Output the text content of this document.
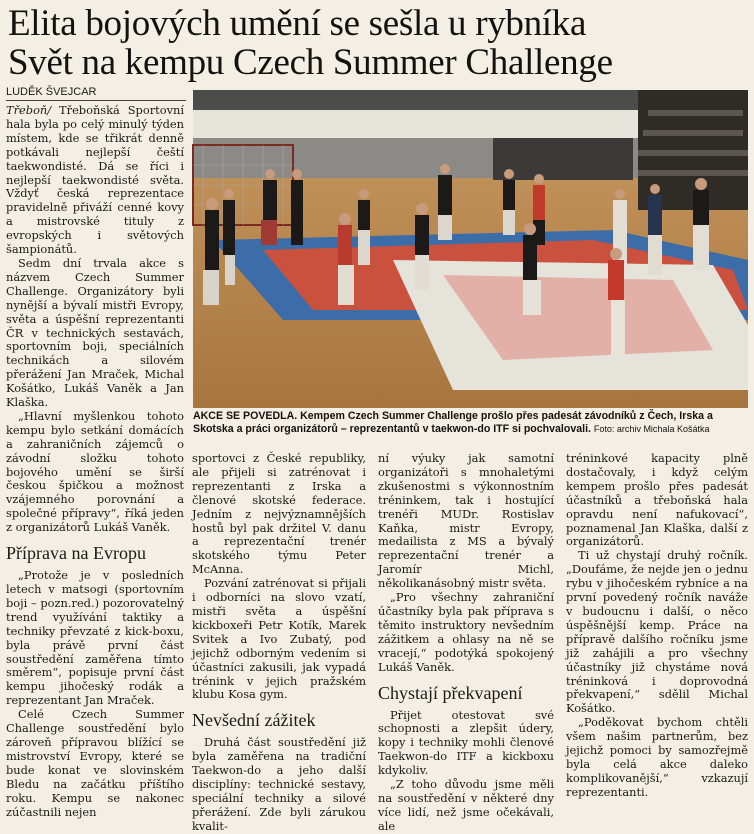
Elita bojových umění se sešla u rybníka
Svět na kempu Czech Summer Challenge
LUDĚK ŠVEJCAR

Třeboň/ Třeboňská Sportovní hala byla po celý minulý týden místem, kde se třikrát denně potkávali nejlepší čeští taekwondisté. Dá se říci i nejlepší taekwondisté světa. Vždyť česká reprezentace pravidelně přiváží cenné kovy a mistrovské tituly z evropských i světových šampionátů.

Sedm dní trvala akce s názvem Czech Summer Challenge. Organizátory byli nynější a bývalí mistři Evropy, světa a úspěšní reprezentanti ČR v technických sestavách, sportovním boji, speciálních technikách a silovém přerážení Jan Mraček, Michal Košátko, Lukáš Vaněk a Jan Klaška.

„Hlavní myšlenkou tohoto kempu bylo setkání domácích a zahraničních zájemců o závodní složku tohoto bojového umění se širší českou špičkou a možnost vzájemného porovnání a společné přípravy“, říká jeden z organizátorů Lukáš Vaněk.

Příprava na Evropu

„Protože je v posledních letech v matsogi (sportovním boji – pozn.red.) pozorovatelný trend využívání taktiky a techniky převzaté z kick-boxu, byla právě první část soustředění zaměřena tímto směrem“, popisuje první část kempu jihočeský rodák a reprezentant Jan Mraček.

Celé Czech Summer Challenge soustředění bylo zároveň přípravou blížící se mistrovství Evropy, které se bude konat ve slovinském Bledu na začátku příštího roku. Kempu se nakonec zúčastnili nejen

AKCE SE POVEDLA. Kempem Czech Summer Challenge prošlo přes padesát závodníků z Čech, Irska a Skotska a práci organizátorů – reprezentantů v taekwon-do ITF si pochvalovali. Foto: archiv Michala Košátka

sportovci z České republiky, ale přijeli si zatrénovat i reprezentanti z Irska a členové skotské federace. Jedním z nejvýznamnějších hostů byl pak držitel V. danu a reprezentační trenér skotského týmu Peter McAnna.

Pozvání zatrénovat si přijali i odborníci na slovo vzatí, mistři světa a úspěšní kickboxeři Petr Kotík, Marek Svitek a Ivo Zubatý, pod jejichž odborným vedením si účastníci zakusili, jak vypadá trénink v jejich pražském klubu Kosa gym.

Nevšední zážitek

Druhá část soustředění již byla zaměřena na tradiční Taekwon-do a jeho další disciplíny: technické sestavy, speciální techniky a silové přerážení. Zde byli zárukou kvalit-

ní výuky jak samotní organizátoři s mnohaletými zkušenostmi s výkonnostním tréninkem, tak i hostující trenéři MUDr. Rostislav Kaňka, mistr Evropy, medailista z MS a bývalý reprezentační trenér a Jaromír Michl, několikanásobný mistr světa.

„Pro všechny zahraniční účastníky byla pak příprava s těmito instruktory nevšedním zážitkem a ohlasy na ně se vracejí,“ podotýká spokojený Lukáš Vaněk.

Chystají překvapení

Přijet otestovat své schopnosti a zlepšit údery, kopy i techniky mohli členové Taekwon-do ITF a kickboxu kdykoliv.

„Z toho důvodu jsme měli na soustředění v některé dny více lidí, než jsme očekávali, ale

tréninkové kapacity plně dostačovaly, i když celým kempem prošlo přes padesát účastníků a třeboňská hala opravdu není nafukovací“, poznamenal Jan Klaška, další z organizátorů.

Ti už chystají druhý ročník. „Doufáme, že nejde jen o jednu rybu v jihočeském rybníce a na první povedený ročník naváže v budoucnu i další, o něco úspěšnější kemp. Práce na přípravě dalšího ročníku jsme již zahájili a pro všechny účastníky již chystáme nová tréninková i doprovodná překvapení,“ sdělil Michal Košátko.

„Poděkovat bychom chtěli všem našim partnerům, bez jejichž pomoci by samozřejmě byla celá akce daleko komplikovanější,“ vzkazují reprezentanti.
